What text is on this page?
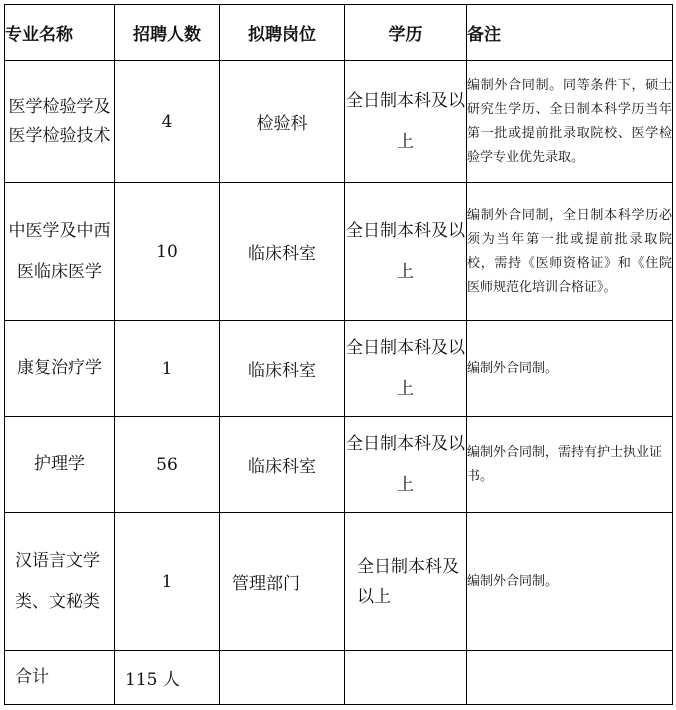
专业名称	招聘人数	拟聘岗位	学历	备注
医学检验学及医学检验技术	4	检验科	全日制本科及以上	编制外合同制。同等条件下，硕士研究生学历、全日制本科学历当年第一批或提前批录取院校、医学检验学专业优先录取。
中医学及中西医临床医学	10	临床科室	全日制本科及以上	编制外合同制，全日制本科学历必须为当年第一批或提前批录取院校，需持《医师资格证》和《住院医师规范化培训合格证》。
康复治疗学	1	临床科室	全日制本科及以上	编制外合同制。
护理学	56	临床科室	全日制本科及以上	编制外合同制，需持有护士执业证书。
汉语言文学类、文秘类	1	管理部门	全日制本科及以上	编制外合同制。
合计	115 人			
